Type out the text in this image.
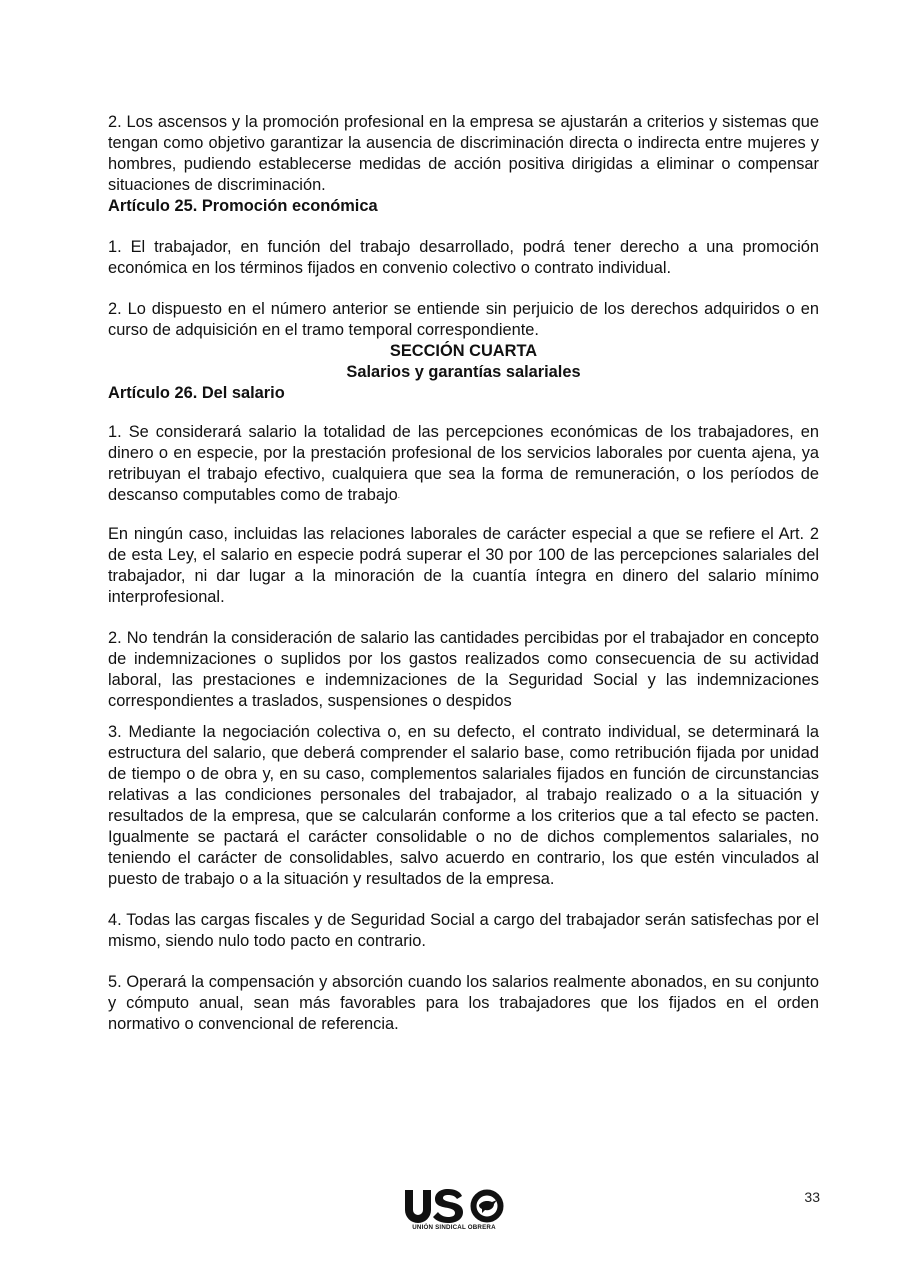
2. Los ascensos y la promoción profesional en la empresa se ajustarán a criterios y sistemas que tengan como objetivo garantizar la ausencia de discriminación directa o indirecta entre mujeres y hombres, pudiendo establecerse medidas de acción positiva dirigidas a eliminar o compensar situaciones de discriminación.

Artículo 25. Promoción económica

1. El trabajador, en función del trabajo desarrollado, podrá tener derecho a una promoción económica en los términos fijados en convenio colectivo o contrato individual.

2. Lo dispuesto en el número anterior se entiende sin perjuicio de los derechos adquiridos o en curso de adquisición en el tramo temporal correspondiente.

SECCIÓN CUARTA

Salarios y garantías salariales

Artículo 26. Del salario

1. Se considerará salario la totalidad de las percepciones económicas de los trabajadores, en dinero o en especie, por la prestación profesional de los servicios laborales por cuenta ajena, ya retribuyan el trabajo efectivo, cualquiera que sea la forma de remuneración, o los períodos de descanso computables como de trabajo.

En ningún caso, incluidas las relaciones laborales de carácter especial a que se refiere el Art. 2 de esta Ley, el salario en especie podrá superar el 30 por 100 de las percepciones salariales del trabajador, ni dar lugar a la minoración de la cuantía íntegra en dinero del salario mínimo interprofesional.

2. No tendrán la consideración de salario las cantidades percibidas por el trabajador en concepto de indemnizaciones o suplidos por los gastos realizados como consecuencia de su actividad laboral, las prestaciones e indemnizaciones de la Seguridad Social y las indemnizaciones correspondientes a traslados, suspensiones o despidos

3. Mediante la negociación colectiva o, en su defecto, el contrato individual, se determinará la estructura del salario, que deberá comprender el salario base, como retribución fijada por unidad de tiempo o de obra y, en su caso, complementos salariales fijados en función de circunstancias relativas a las condiciones personales del trabajador, al trabajo realizado o a la situación y resultados de la empresa, que se calcularán conforme a los criterios que a tal efecto se pacten. Igualmente se pactará el carácter consolidable o no de dichos complementos salariales, no teniendo el carácter de consolidables, salvo acuerdo en contrario, los que estén vinculados al puesto de trabajo o a la situación y resultados de la empresa.

4. Todas las cargas fiscales y de Seguridad Social a cargo del trabajador serán satisfechas por el mismo, siendo nulo todo pacto en contrario.

5. Operará la compensación y absorción cuando los salarios realmente abonados, en su conjunto y cómputo anual, sean más favorables para los trabajadores que los fijados en el orden normativo o convencional de referencia.

UNIÓN SINDICAL OBRERA
33
